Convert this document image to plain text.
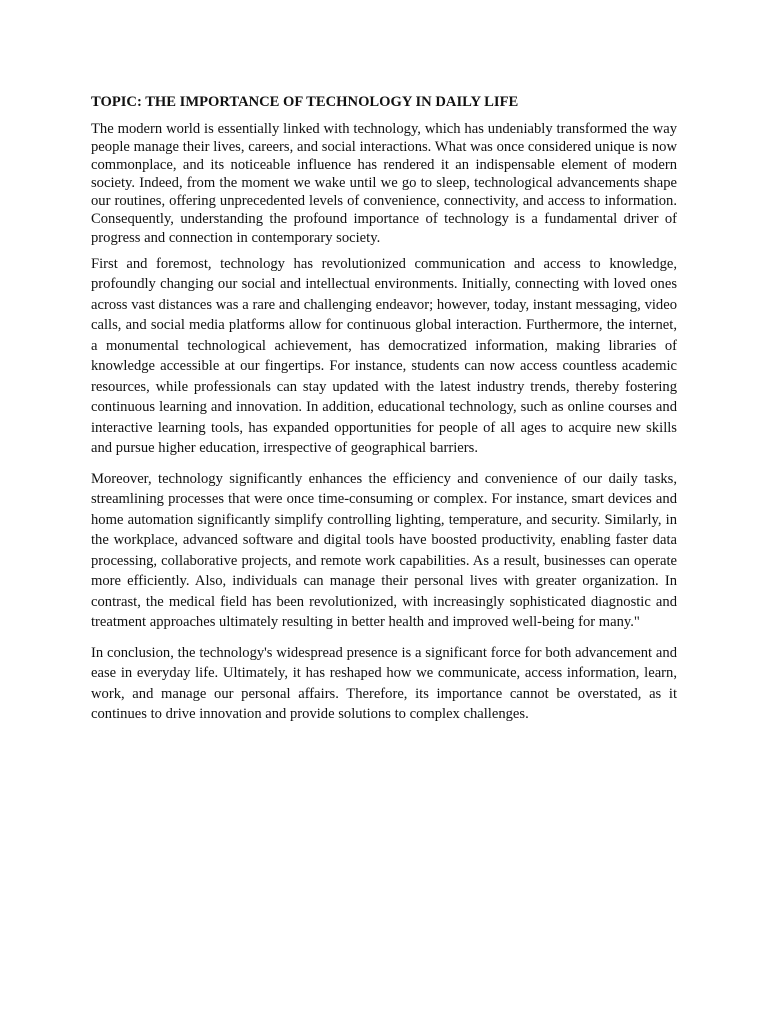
TOPIC: THE IMPORTANCE OF TECHNOLOGY IN DAILY LIFE

The modern world is essentially linked with technology, which has undeniably transformed the way people manage their lives, careers, and social interactions. What was once considered unique is now commonplace, and its noticeable influence has rendered it an indispensable element of modern society. Indeed, from the moment we wake until we go to sleep, technological advancements shape our routines, offering unprecedented levels of convenience, connectivity, and access to information. Consequently, understanding the profound importance of technology is a fundamental driver of progress and connection in contemporary society.

First and foremost, technology has revolutionized communication and access to knowledge, profoundly changing our social and intellectual environments. Initially, connecting with loved ones across vast distances was a rare and challenging endeavor; however, today, instant messaging, video calls, and social media platforms allow for continuous global interaction. Furthermore, the internet, a monumental technological achievement, has democratized information, making libraries of knowledge accessible at our fingertips. For instance, students can now access countless academic resources, while professionals can stay updated with the latest industry trends, thereby fostering continuous learning and innovation. In addition, educational technology, such as online courses and interactive learning tools, has expanded opportunities for people of all ages to acquire new skills and pursue higher education, irrespective of geographical barriers.

Moreover, technology significantly enhances the efficiency and convenience of our daily tasks, streamlining processes that were once time-consuming or complex. For instance, smart devices and home automation significantly simplify controlling lighting, temperature, and security. Similarly, in the workplace, advanced software and digital tools have boosted productivity, enabling faster data processing, collaborative projects, and remote work capabilities. As a result, businesses can operate more efficiently. Also, individuals can manage their personal lives with greater organization. In contrast, the medical field has been revolutionized, with increasingly sophisticated diagnostic and treatment approaches ultimately resulting in better health and improved well-being for many."

In conclusion, the technology's widespread presence is a significant force for both advancement and ease in everyday life. Ultimately, it has reshaped how we communicate, access information, learn, work, and manage our personal affairs. Therefore, its importance cannot be overstated, as it continues to drive innovation and provide solutions to complex challenges.
